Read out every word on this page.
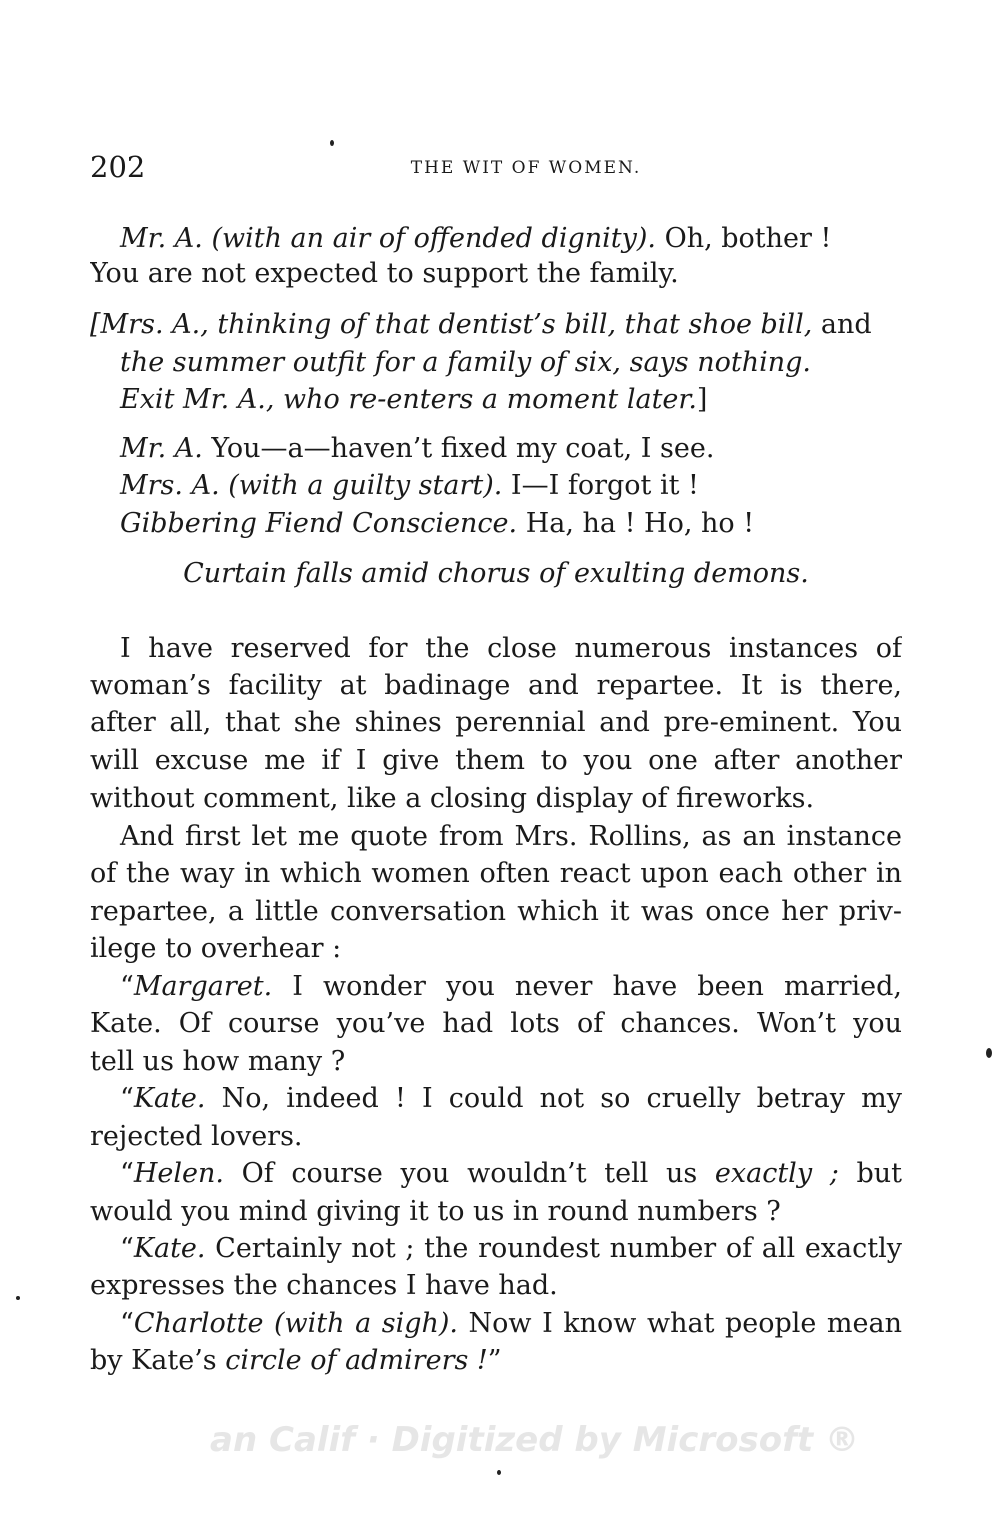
202	THE WIT OF WOMEN.
Mr. A. (with an air of offended dignity). Oh, bother !
You are not expected to support the family.
[Mrs. A., thinking of that dentist’s bill, that shoe bill, and
the summer outfit for a family of six, says nothing.
Exit Mr. A., who re-enters a moment later.]
Mr. A. You—a—haven’t fixed my coat, I see.
Mrs. A. (with a guilty start). I—I forgot it !
Gibbering Fiend Conscience. Ha, ha ! Ho, ho !
Curtain falls amid chorus of exulting demons.
I have reserved for the close numerous instances of
woman’s facility at badinage and repartee. It is there,
after all, that she shines perennial and pre-eminent. You
will excuse me if I give them to you one after another
without comment, like a closing display of fireworks.
And first let me quote from Mrs. Rollins, as an instance
of the way in which women often react upon each other in
repartee, a little conversation which it was once her priv-
ilege to overhear :
“Margaret. I wonder you never have been married,
Kate. Of course you’ve had lots of chances. Won’t you
tell us how many ?
“Kate. No, indeed ! I could not so cruelly betray my
rejected lovers.
“Helen. Of course you wouldn’t tell us exactly ; but
would you mind giving it to us in round numbers ?
“Kate. Certainly not ; the roundest number of all exactly
expresses the chances I have had.
“Charlotte (with a sigh). Now I know what people mean
by Kate’s circle of admirers !”
an Calif · Digitized by Microsoft ®
